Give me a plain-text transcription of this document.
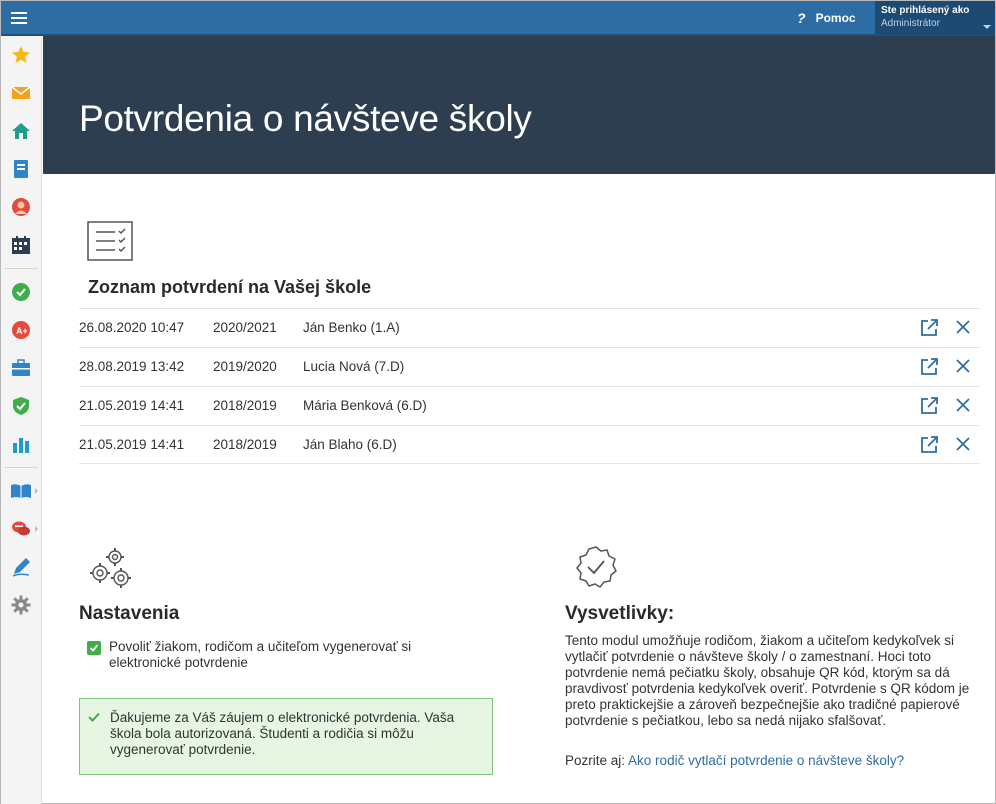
? Pomoc	Ste prihlásený ako
Administrátor
A+
Potvrdenia o návšteve školy
Zoznam potvrdení na Vašej škole
26.08.2020 10:47 2020/2021 Ján Benko (1.A)
28.08.2019 13:42 2019/2020 Lucia Nová (7.D)
21.05.2019 14:41 2018/2019 Mária Benková (6.D)
21.05.2019 14:41 2018/2019 Ján Blaho (6.D)
Nastavenia
Povoliť žiakom, rodičom a učiteľom vygenerovať si elektronické potvrdenie
Ďakujeme za Váš záujem o elektronické potvrdenia. Vaša škola bola autorizovaná. Študenti a rodičia si môžu vygenerovať potvrdenie.
Vysvetlivky:
Tento modul umožňuje rodičom, žiakom a učiteľom kedykoľvek si vytlačiť potvrdenie o návšteve školy / o zamestnaní. Hoci toto potvrdenie nemá pečiatku školy, obsahuje QR kód, ktorým sa dá pravdivosť potvrdenia kedykoľvek overiť. Potvrdenie s QR kódom je preto praktickejšie a zároveň bezpečnejšie ako tradičné papierové potvrdenie s pečiatkou, lebo sa nedá nijako sfalšovať.
Pozrite aj: Ako rodič vytlačí potvrdenie o návšteve školy?
